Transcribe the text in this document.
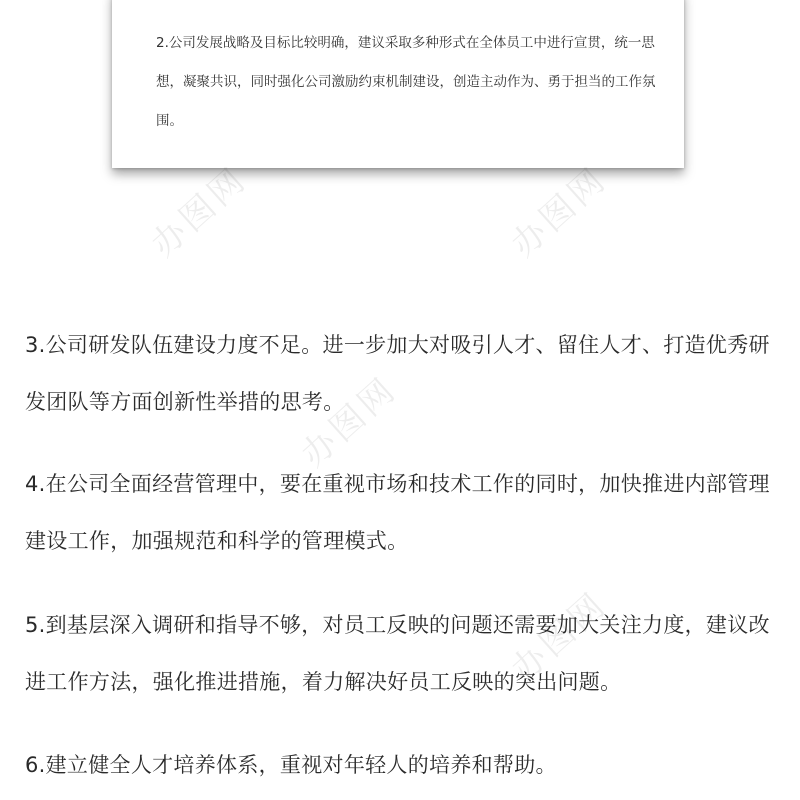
2.公司发展战略及目标比较明确，建议采取多种形式在全体员工中进行宣贯，统一思想，凝聚共识，同时强化公司激励约束机制建设，创造主动作为、勇于担当的工作氛围。

3.公司研发队伍建设力度不足。进一步加大对吸引人才、留住人才、打造优秀研发团队等方面创新性举措的思考。

4.在公司全面经营管理中，要在重视市场和技术工作的同时，加快推进内部管理建设工作，加强规范和科学的管理模式。

5.到基层深入调研和指导不够，对员工反映的问题还需要加大关注力度，建议改进工作方法，强化推进措施，着力解决好员工反映的突出问题。

6.建立健全人才培养体系，重视对年轻人的培养和帮助。

办图网	办图网
办图网
办图网
